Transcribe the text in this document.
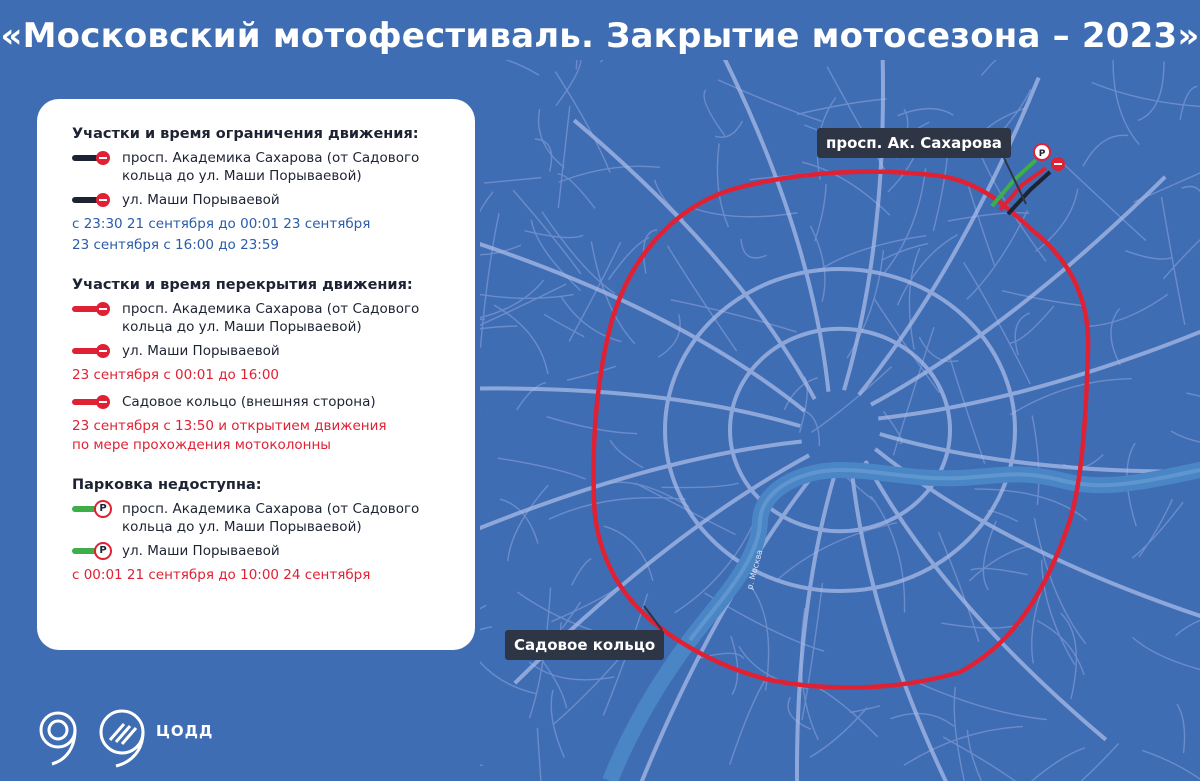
р. Москва
P
просп. Ак. Сахарова
Садовое кольцо
«Московский мотофестиваль. Закрытие мотосезона – 2023»
Участки и время ограничения движения:
просп. Академика Сахарова (от Садового кольца до ул. Маши Порываевой)
ул. Маши Порываевой
с 23:30 21 сентября до 00:01 23 сентября
23 сентября с 16:00 до 23:59
Участки и время перекрытия движения:
просп. Академика Сахарова (от Садового кольца до ул. Маши Порываевой)
ул. Маши Порываевой
23 сентября с 00:01 до 16:00
Садовое кольцо (внешняя сторона)
23 сентября с 13:50 и открытием движения
по мере прохождения мотоколонны
Парковка недоступна:
P	просп. Академика Сахарова (от Садового кольца до ул. Маши Порываевой)
P	ул. Маши Порываевой
с 00:01 21 сентября до 10:00 24 сентября
ЦОДД
